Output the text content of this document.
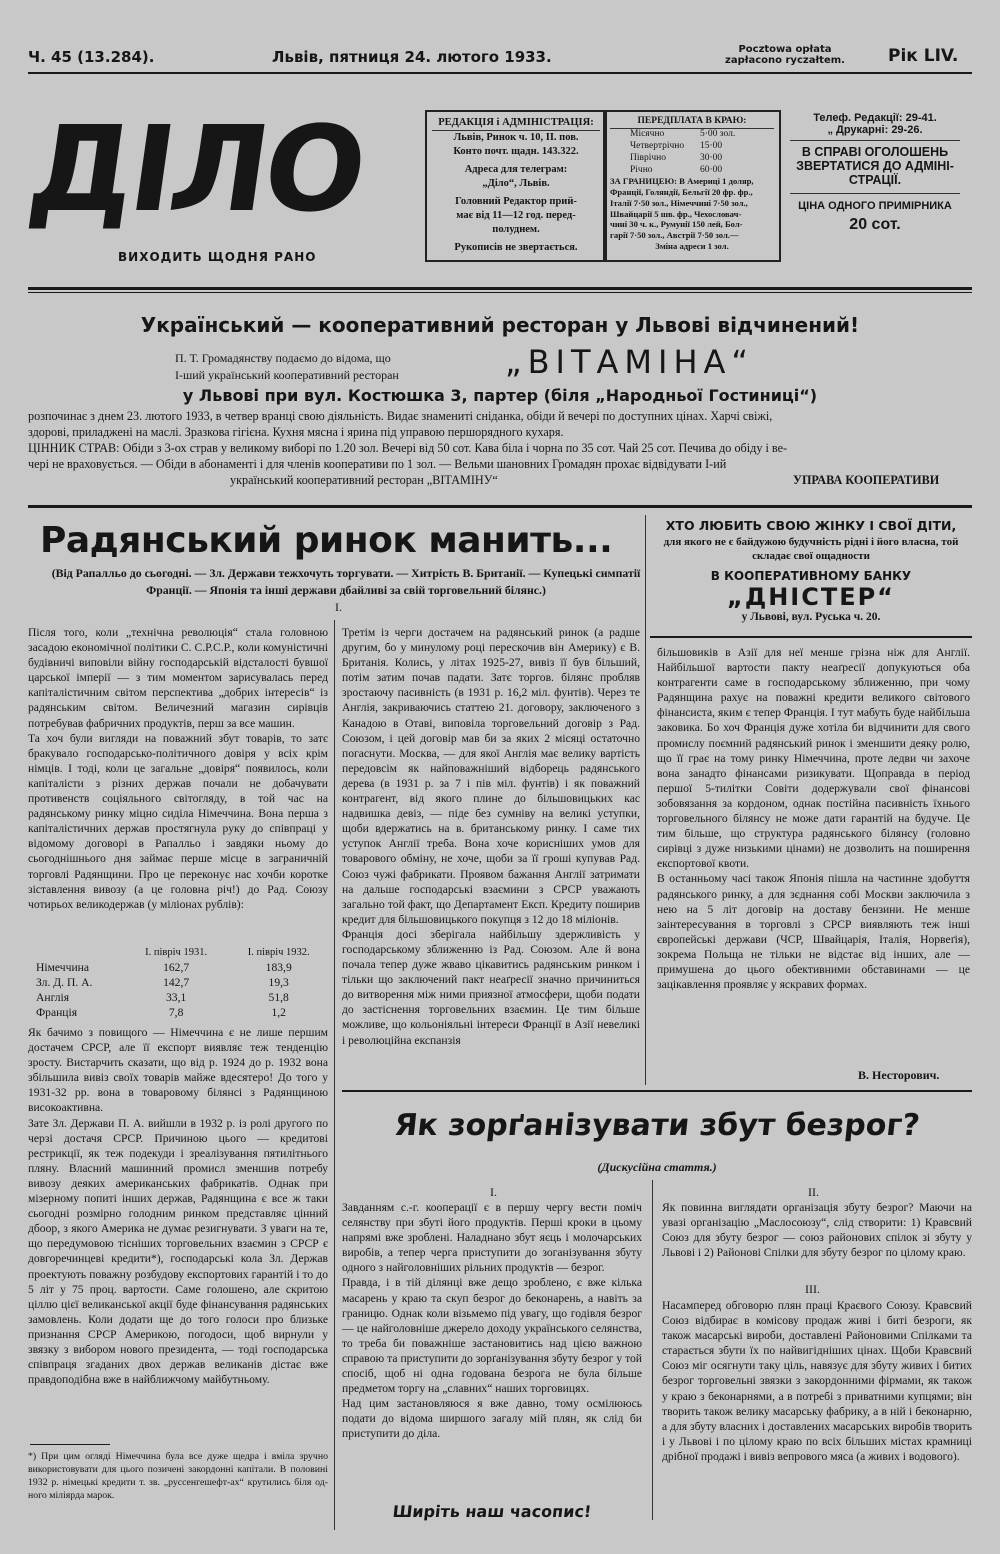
Ч. 45 (13.284).	Львів, пятниця 24. лютого 1933.	Pocztowa opłata
zapłacono ryczałtem.	Рік LIV.
ДІЛО
ВИХОДИТЬ ЩОДНЯ РАНО

РЕДАКЦІЯ і АДМІНІСТРАЦІЯ:

Львів, Ринок ч. 10, II. пов.

Конто почт. щадн. 143.322.

Адреса для телеграм:

„Діло“, Львів.

Головний Редактор прий-

має від 11—12 год. перед-

полуднем.

Рукописів не звертається.

ПЕРЕДПЛАТА В КРАЮ:

Місячно	5·00 зол.

Четвертрічно 15·00

Піврічно	30·00

Річно	60·00

ЗА ГРАНИЦЕЮ: В Америці 1 доляр,

Франції, Голяндії, Бельгії 20 фр. фр.,

Італії 7·50 зол., Німеччині 7·50 зол.,

Швайцарії 5 шв. фр., Чехословач-

чині 30 ч. к., Румунії 150 лей, Бол-

гарії 7·50 зол., Австрії 7·50 зол.—

Зміна адреси 1 зол.

Телеф. Редакції: 29-41.
„ Друкарні: 29-26.
В СПРАВІ ОГОЛОШЕНЬ
ЗВЕРТАТИСЯ ДО АДМІНІ-
СТРАЦІЇ.
ЦІНА ОДНОГО ПРИМІРНИКА
20 сот.
Український — кооперативний ресторан у Львові відчинений!
П. Т. Громадянству подаємо до відома, що
І-ший український кооперативний ресторан	„ВІТАМІНА“
у Львові при вул. Костюшка 3, партер (біля „Народньої Гостиниці“)
розпочинає з днем 23. лютого 1933, в четвер вранці свою діяльність. Видає знамениті сніданка, обіди й вечері по доступних цінах. Харчі свіжі,
здорові, приладжені на маслі. Зразкова гігієна. Кухня мясна і ярина під управою першорядного кухаря.
ЦІННИК СТРАВ: Обіди з 3-ох страв у великому виборі по 1.20 зол. Вечері від 50 сот. Кава біла і чорна по 35 сот. Чай 25 сот. Печива до обіду і ве-
чері не враховується. — Обіди в абонаменті і для членів кооперативи по 1 зол. — Вельми шановних Громадян прохає відвідувати І-ий
український кооперативний ресторан „ВІТАМІНУ“	УПРАВА КООПЕРАТИВИ
Радянський ринок манить...
(Від Рапалльо до сьогодні. — Зл. Держави тежхочуть торгувати. — Хитрість В. Британії. — Купецькі симпатії Франції. — Японія та інші держави дбайливі за свій торговельний білянс.)
I.
Після того, коли „технічна революція“ стала головною засадою економічної політики С. С.Р.С.Р., коли комуністичні будівничі виповіли війну господарській відсталості бувшої царської імперії — з тим моментом зарисувалась перед капіталістичним світом перспектива „добрих інтересів“ із радянським світом. Величезний магазин сирівців потребував фабричних продуктів, перш за все машин.
Та хоч були вигляди на поважний збут товарів, то затє бракувало господарсько-політичного довіря у всіх крім німців. І тоді, коли це загальне „довіря“ появилось, коли капіталісти з різних держав почали не добачувати противенств соціяльного світогляду, в той час на радянському ринку міцно сиділа Німеччина. Вона перша з капіталістичних держав простягнула руку до співпраці у відомому договорі в Рапалльо і завдяки ньому до сьогоднішнього дня займає перше місце в заграничній торговлі Радянщини. Про це переконує нас хочби коротке зіставлення вивозу (а це головна річ!) до Рад. Союзу чотирьох великодержав (у міліонах рублів):
	І. півріч 1931.	І. півріч 1932.
Німеччина	162,7	183,9
Зл. Д. П. А.	142,7	19,3
Англія	33,1	51,8
Франція	7,8	1,2
Як бачимо з повищого — Німеччина є не лише першим достачем СРСР, але її експорт виявляє теж тенденцію зросту. Вистарчить сказати, що від р. 1924 до р. 1932 вона збільшила вивіз своїх товарів майже вдесятеро! До того у 1931-32 рр. вона в товаровому білянсі з Радянщиною високоактивна.
Зате Зл. Держави П. А. вийшли в 1932 р. із ролі другого по черзі достачя СРСР. Причиною цього — кредитові рестрикції, як теж подекуди і зреалізування пятилітнього пляну. Власний машинний промисл зменшив потребу вивозу деяких американських фабрикатів. Однак при мізерному попиті інших держав, Радянщина є все ж таки сьогодні розмірно голодним ринком представляє цінний дбоор, з якого Америка не думає резигнувати. З уваги на те, що передумовою тісніших торговельних взаємин з СРСР є довгоречинцеві кредити*), господарські кола Зл. Держав проектують поважну розбудову експортових гарантій і то до 5 літ у 75 проц. вартости. Саме голошено, але скритою ціллю цієї великанської акції буде фінансування радянських замовлень. Коли додати ще до того голоси про близьке признання СРСР Америкою, погодоси, щоб вирнули у звязку з вибором нового президента, — тоді господарська співпраця згаданих двох держав великанів дістає вже правдоподібна вже в найближчому майбутньому.
*) При цим огляді Німеччина була все дуже щедра і вміла зручно використовувати для цього позичені закордонні капітали. В половині 1932 р. німецькі кредити т. зв. „руссенгешефт-ах“ крутились біля од-ного міліярда марок.
Третім із черги достачем на радянський ринок (а радше другим, бо у минулому році перескочив він Америку) є В. Британія. Колись, у літах 1925-27, вивіз її був більший, потім затим почав падати. Затє торгов. білянс пробляв зростаючу пасивність (в 1931 р. 16,2 міл. фунтів). Через те Англія, закриваючись статтею 21. договору, заключеного з Канадою в Отаві, виповіла торговельний договір з Рад. Союзом, і цей договір мав би за яких 2 місяці остаточно погаснути. Москва, — для якої Англія має велику вартість передовсім як найповажніший відборець радянського дерева (в 1931 р. за 7 і пів міл. фунтів) і як поважний контрагент, від якого плине до більшовицьких кас надвишка девіз, — піде без сумніву на великі уступки, щоби вдержатись на в. британському ринку. І саме тих уступок Англії треба. Вона хоче корисніших умов для товарового обміну, не хоче, щоби за її гроші купував Рад. Союз чужі фабрикати. Проявом бажання Англії затримати на дальше господарські взаємини з СРСР уважають загально той факт, що Департамент Експ. Кредиту поширив кредит для більшовицького покупця з 12 до 18 міліонів.
Франція досі зберігала найбільшу здержливість у господарському зближенню із Рад. Союзом. Але й вона почала тепер дуже жваво цікавитись радянським ринком і тільки що заключений пакт неаґресії значно причиниться до витворення між ними приязної атмосфери, щоби подати до застіснення торговельних взаємин. Це тим більше можливе, що кольоніяльні інтереси Франції в Азії невеликі і революційна експанзія
ХТО ЛЮБИТЬ СВОЮ ЖІНКУ І СВОЇ ДІТИ,
для якого не є байдужою будучність рідні і його власна, той складає свої ощадности
В КООПЕРАТИВНОМУ БАНКУ
„ДНІСТЕР“
у Львові, вул. Руська ч. 20.
більшовиків в Азії для неї менше грізна ніж для Англії. Найбільшої вартости пакту неаґресії допукуються оба контрагенти саме в господарському зближенню, при чому Радянщина рахує на поважні кредити великого світового фінансиста, яким є тепер Франція. І тут мабуть буде найбільша заковика. Бо хоч Франція дуже хотіла би відчинити для свого промислу поємний радянський ринок і зменшити деяку ролю, що її грає на тому ринку Німеччина, проте ледви чи захоче вона занадто фінансами ризикувати. Щоправда в період першої 5-тилітки Совіти додержували свої фінансові зобовязання за кордоном, однак постійна пасивність їхнього торговельного білянсу не може дати гарантій на будуче. Це тим більше, що структура радянського білянсу (головно сирівці з дуже низькими цінами) не дозволить на поширення експортової квоти.
В останньому часі також Японія пішла на частинне здобуття радянського ринку, а для зєднання собі Москви заключила з нею на 5 літ договір на доставу бензини. Не менше заінтересування в торговлі з СРСР виявляють теж інші європейські держави (ЧСР, Швайцарія, Італія, Норвеґія), зокрема Польща не тільки не відстає від інших, але — примушена до цього обективними обставинами — це зацікавлення проявляє у яскравих формах.
В. Несторович.
Як зорґанізувати збут безрог?
(Дискусійна стаття.)
I.
Завданням с.-г. кооперації є в першу чергу вести поміч селянству при збуті його продуктів. Перші кроки в цьому напрямі вже зроблені. Наладнано збут яєць і молочарських виробів, а тепер черга приступити до зоганізування збуту одного з найголовніших рільних продуктів — безрог.
Правда, і в тій ділянці вже дещо зроблено, є вже кілька масарень у краю та скуп безрог до беконарень, а навіть за границю. Однак коли візьмемо під увагу, що годівля безрог — це найголовніше джерело доходу українського селянства, то треба би поважніше застановитись над цією важною справою та приступити до зорґанізування збуту безрог у той спосіб, щоб ні одна годована безрога не була більше предметом торгу на „славних“ наших торговицях.
Над цим застановляюся я вже давно, тому осмілююсь подати до відома ширшого загалу мій плян, як слід би приступити до діла.
II.
Як повинна виглядати організація збуту безрог? Маючи на увазі організацію „Маслосоюзу“, слід створити: 1) Кравсвий Союз для збуту безрог — союз районових спілок зі збуту у Львові і 2) Районові Спілки для збуту безрог по цілому краю.
III.
Насамперед обговорю плян праці Краєвого Союзу. Кравсвий Союз відбирає в комісову продаж живі і биті безроги, як також масарські вироби, доставлені Районовими Спілками та старається збути їх по найвигідніших цінах. Щоби Кравсвий Союз міг осягнути таку ціль, навязує для збуту живих і битих безрог торговельні звязки з закордонними фірмами, як також у краю з беконарнями, а в потребі з приватними купцями; він творить також велику масарську фабрику, а в ній і беконарню, а для збуту власних і доставлених масарських виробів творить і у Львові і по цілому краю по всіх більших містах крамниці дрібної продажі і вивіз вепрового мяса (а живих і водового).
Ширіть наш часопис!
